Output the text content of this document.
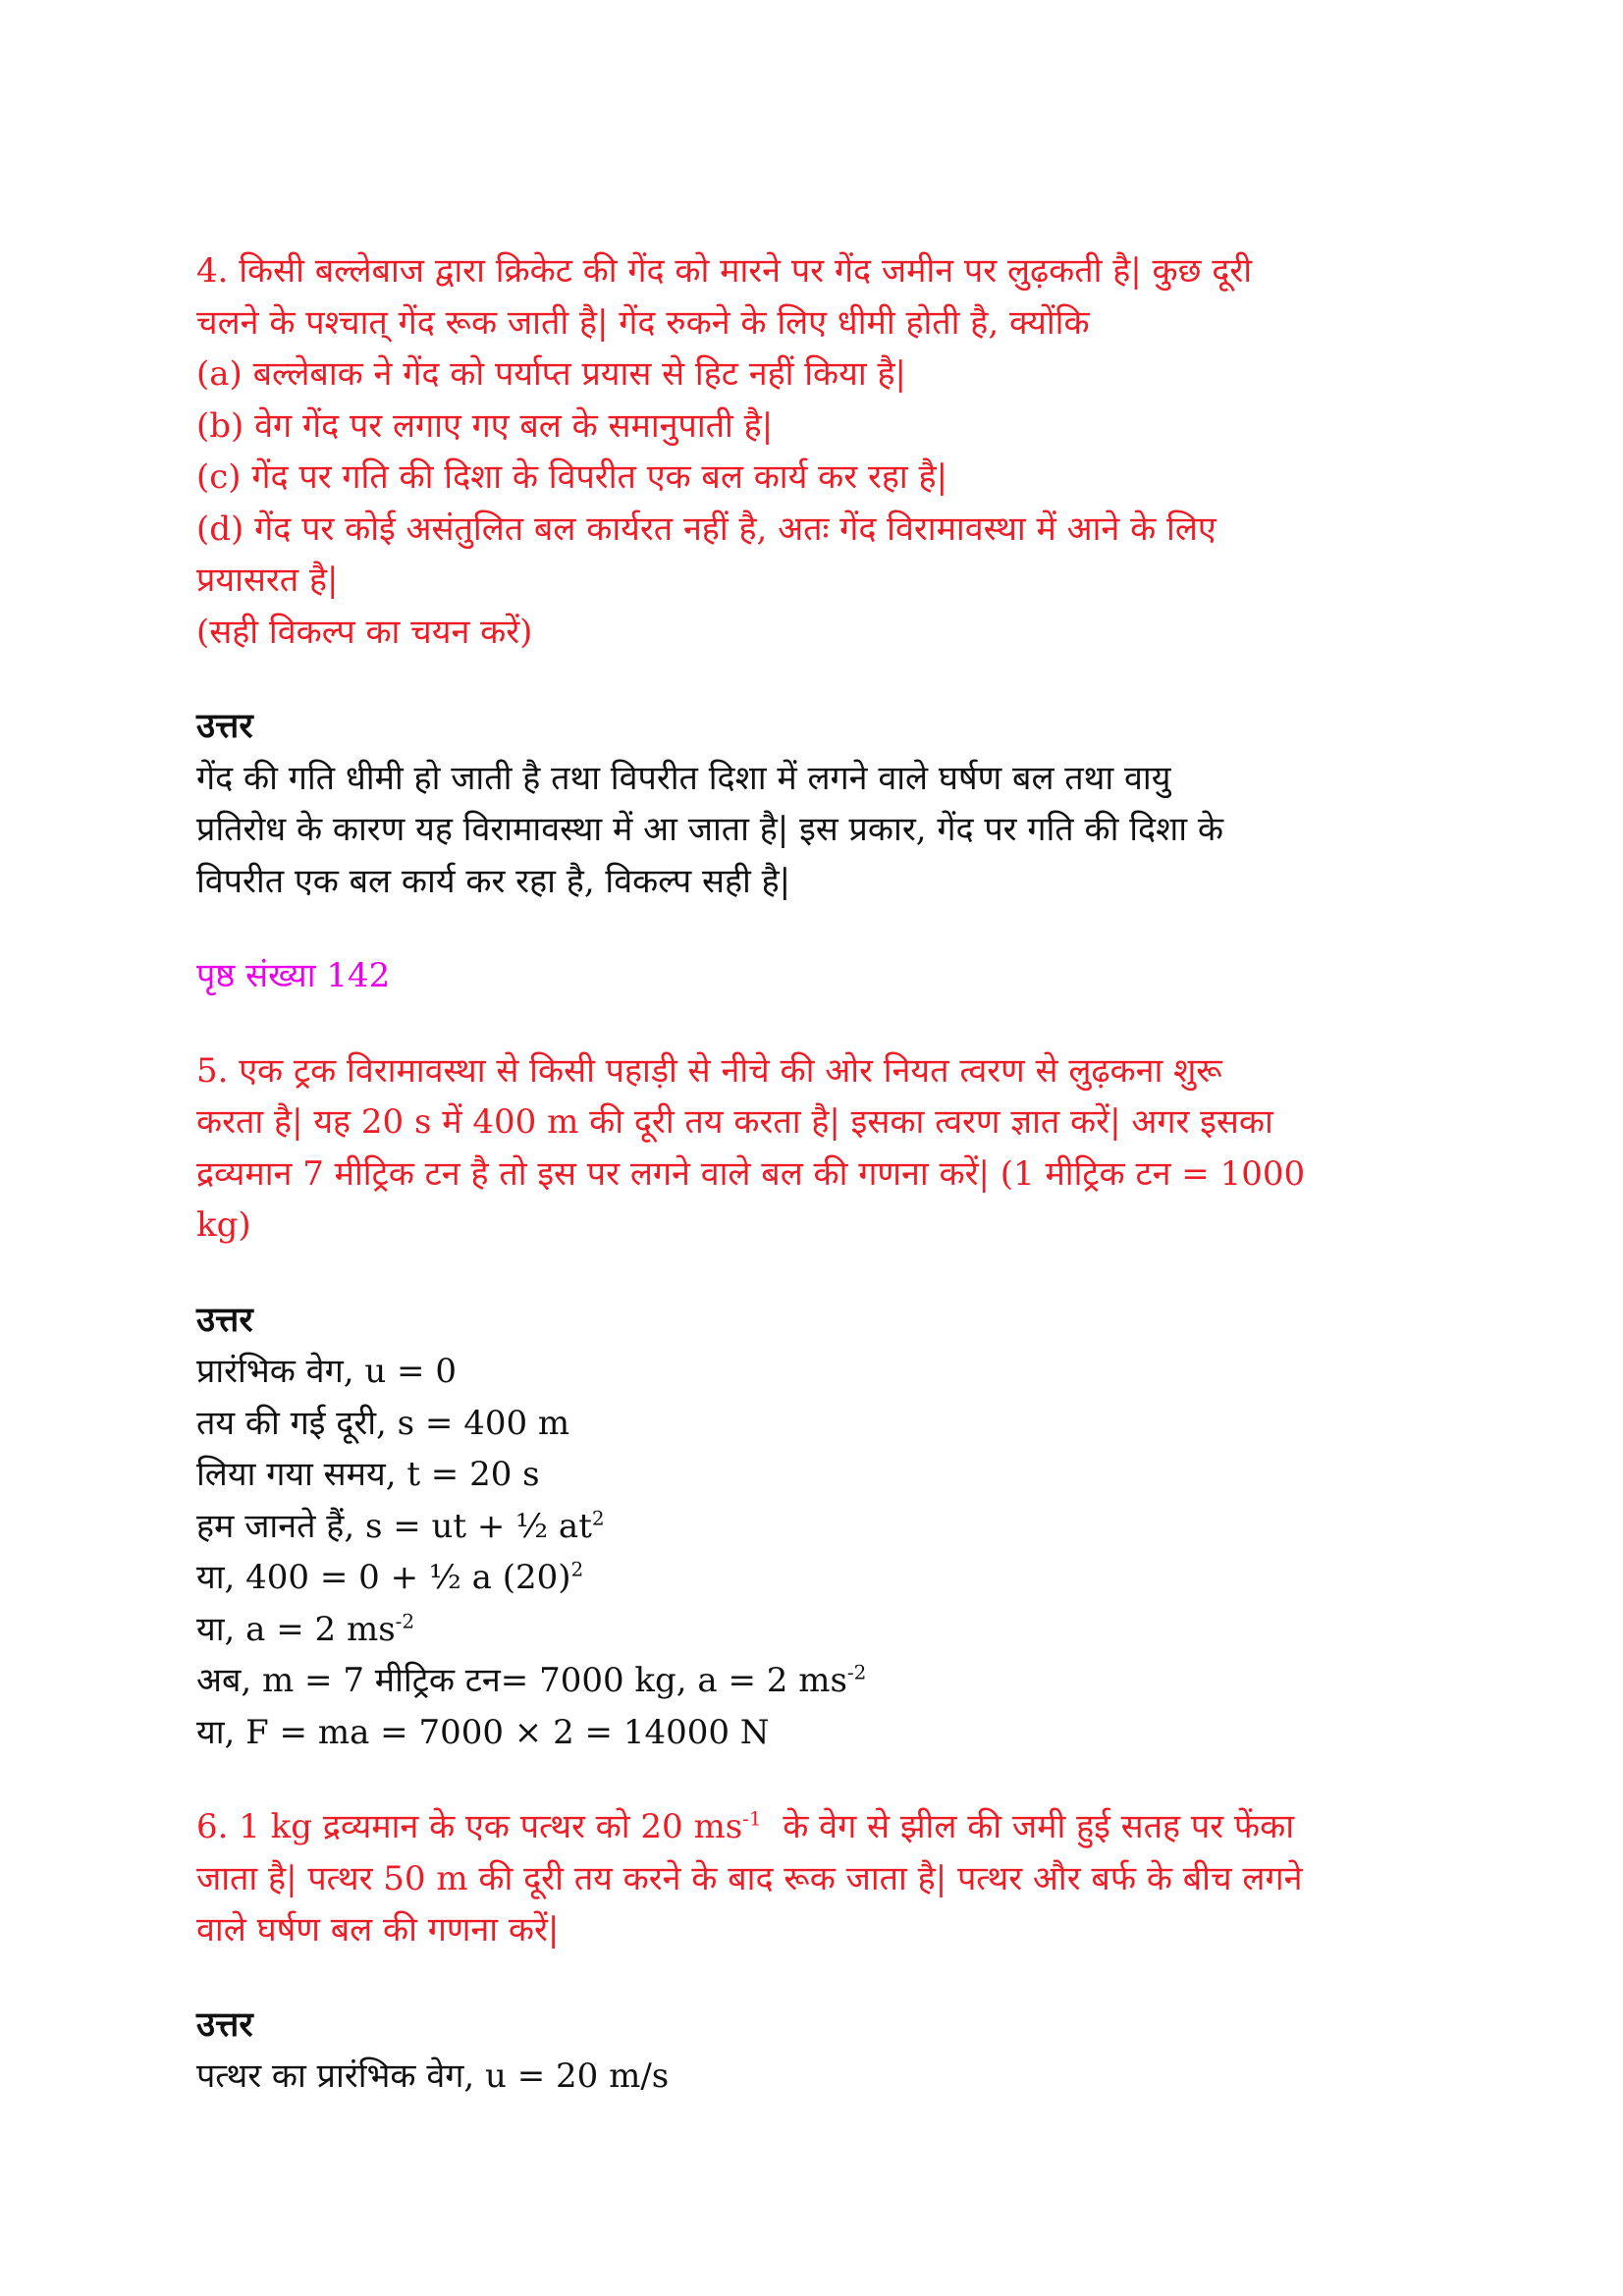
4. किसी बल्लेबाज द्वारा क्रिकेट की गेंद को मारने पर गेंद जमीन पर लुढ़कती है| कुछ दूरी
चलने के पश्चात् गेंद रूक जाती है| गेंद रुकने के लिए धीमी होती है, क्योंकि
(a) बल्लेबाक ने गेंद को पर्याप्त प्रयास से हिट नहीं किया है|
(b) वेग गेंद पर लगाए गए बल के समानुपाती है|
(c) गेंद पर गति की दिशा के विपरीत एक बल कार्य कर रहा है|
(d) गेंद पर कोई असंतुलित बल कार्यरत नहीं है, अतः गेंद विरामावस्था में आने के लिए
प्रयासरत है|
(सही विकल्प का चयन करें)
उत्तर
गेंद की गति धीमी हो जाती है तथा विपरीत दिशा में लगने वाले घर्षण बल तथा वायु
प्रतिरोध के कारण यह विरामावस्था में आ जाता है| इस प्रकार, गेंद पर गति की दिशा के
विपरीत एक बल कार्य कर रहा है, विकल्प सही है|
पृष्ठ संख्या 142
5. एक ट्रक विरामावस्था से किसी पहाड़ी से नीचे की ओर नियत त्वरण से लुढ़कना शुरू
करता है| यह 20 s में 400 m की दूरी तय करता है| इसका त्वरण ज्ञात करें| अगर इसका
द्रव्यमान 7 मीट्रिक टन है तो इस पर लगने वाले बल की गणना करें| (1 मीट्रिक टन = 1000
kg)
उत्तर
प्रारंभिक वेग, u = 0
तय की गई दूरी, s = 400 m
लिया गया समय, t = 20 s
हम जानते हैं, s = ut + ½ $at^2$
या, 400 = 0 + ½ a $(20)^2$
या, a = 2 $ms^{-2}$
अब, m = 7 मीट्रिक टन= 7000 kg, a = 2 $ms^{-2}$
या, F = ma = 7000 × 2 = 14000 N
6. 1 kg द्रव्यमान के एक पत्थर को 20 $ms^{-1}$  के वेग से झील की जमी हुई सतह पर फेंका
जाता है| पत्थर 50 m की दूरी तय करने के बाद रूक जाता है| पत्थर और बर्फ के बीच लगने
वाले घर्षण बल की गणना करें|
उत्तर
पत्थर का प्रारंभिक वेग, u = 20 m/s
